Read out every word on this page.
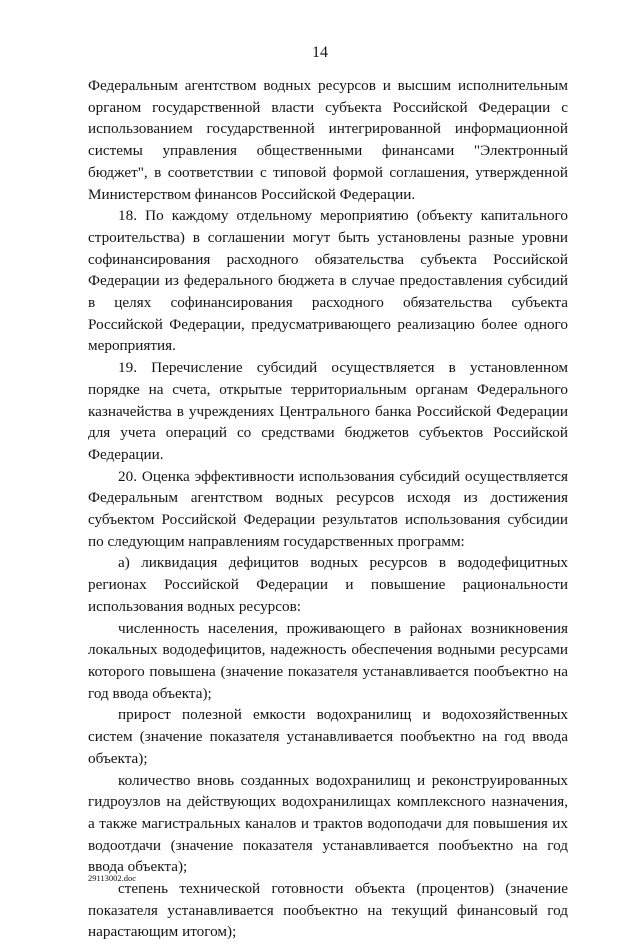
14

Федеральным агентством водных ресурсов и высшим исполнительным органом государственной власти субъекта Российской Федерации с использованием государственной интегрированной информационной системы управления общественными финансами "Электронный бюджет", в соответствии с типовой формой соглашения, утвержденной Министерством финансов Российской Федерации.

18. По каждому отдельному мероприятию (объекту капитального строительства) в соглашении могут быть установлены разные уровни софинансирования расходного обязательства субъекта Российской Федерации из федерального бюджета в случае предоставления субсидий в целях софинансирования расходного обязательства субъекта Российской Федерации, предусматривающего реализацию более одного мероприятия.

19. Перечисление субсидий осуществляется в установленном порядке на счета, открытые территориальным органам Федерального казначейства в учреждениях Центрального банка Российской Федерации для учета операций со средствами бюджетов субъектов Российской Федерации.

20. Оценка эффективности использования субсидий осуществляется Федеральным агентством водных ресурсов исходя из достижения субъектом Российской Федерации результатов использования субсидии по следующим направлениям государственных программ:

а) ликвидация дефицитов водных ресурсов в вододефицитных регионах Российской Федерации и повышение рациональности использования водных ресурсов:

численность населения, проживающего в районах возникновения локальных вододефицитов, надежность обеспечения водными ресурсами которого повышена (значение показателя устанавливается пообъектно на год ввода объекта);

прирост полезной емкости водохранилищ и водохозяйственных систем (значение показателя устанавливается пообъектно на год ввода объекта);

количество вновь созданных водохранилищ и реконструированных гидроузлов на действующих водохранилищах комплексного назначения, а также магистральных каналов и трактов водоподачи для повышения их водоотдачи (значение показателя устанавливается пообъектно на год ввода объекта);

степень технической готовности объекта (процентов) (значение показателя устанавливается пообъектно на текущий финансовый год нарастающим итогом);

29113002.doc
